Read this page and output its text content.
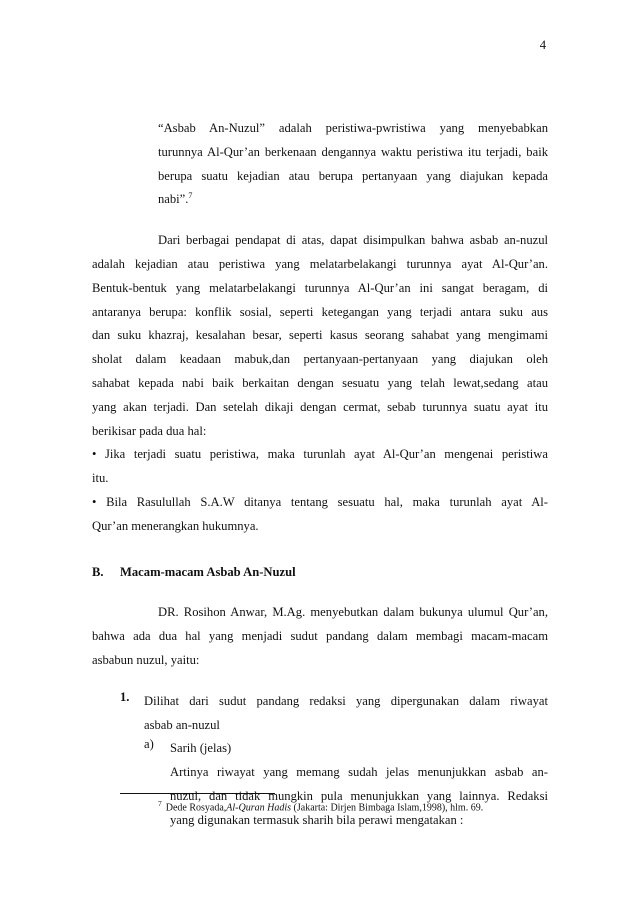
4

“Asbab An-Nuzul” adalah peristiwa-pwristiwa yang menyebabkan

turunnya Al-Qur’an berkenaan dengannya waktu peristiwa itu terjadi, baik

berupa suatu kejadian atau berupa pertanyaan yang diajukan kepada

nabi”.$^7$

Dari berbagai pendapat di atas, dapat disimpulkan bahwa asbab an-nuzul

adalah kejadian atau peristiwa yang melatarbelakangi turunnya ayat Al-Qur’an.

Bentuk-bentuk yang melatarbelakangi turunnya Al-Qur’an ini sangat beragam, di

antaranya berupa: konflik sosial, seperti ketegangan yang terjadi antara suku aus

dan suku khazraj, kesalahan besar, seperti kasus seorang sahabat yang mengimami

sholat dalam keadaan mabuk,dan pertanyaan-pertanyaan yang diajukan oleh

sahabat kepada nabi baik berkaitan dengan sesuatu yang telah lewat,sedang atau

yang akan terjadi. Dan setelah dikaji dengan cermat, sebab turunnya suatu ayat itu

berikisar pada dua hal:

• Jika terjadi suatu peristiwa, maka turunlah ayat Al-Qur’an mengenai peristiwa

itu.

• Bila Rasulullah S.A.W ditanya tentang sesuatu hal, maka turunlah ayat Al-

Qur’an menerangkan hukumnya.

B. Macam-macam Asbab An-Nuzul

DR. Rosihon Anwar, M.Ag. menyebutkan dalam bukunya ulumul Qur’an,

bahwa ada dua hal yang menjadi sudut pandang dalam membagi macam-macam

asbabun nuzul, yaitu:

1. Dilihat dari sudut pandang redaksi yang dipergunakan dalam riwayat

asbab an-nuzul

a) Sarih (jelas)

Artinya riwayat yang memang sudah jelas menunjukkan asbab an-

nuzul, dan tidak mungkin pula menunjukkan yang lainnya. Redaksi

yang digunakan termasuk sharih bila perawi mengatakan :

$^7$ Dede Rosyada,Al-Quran Hadis (Jakarta: Dirjen Bimbaga Islam,1998), hlm. 69.
